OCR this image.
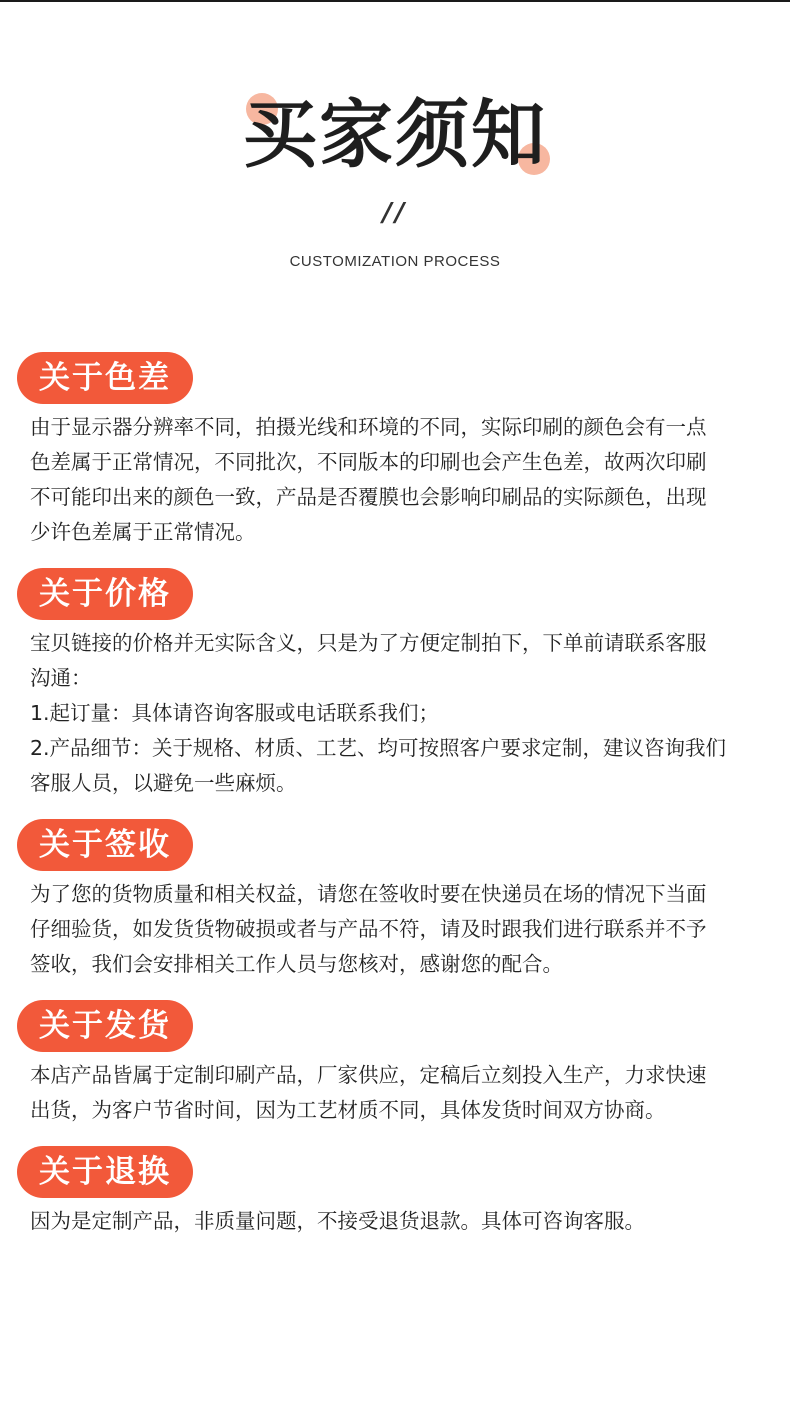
买家须知
//
CUSTOMIZATION PROCESS
关于色差

由于显示器分辨率不同，拍摄光线和环境的不同，实际印刷的颜色会有一点

色差属于正常情况，不同批次，不同版本的印刷也会产生色差，故两次印刷

不可能印出来的颜色一致，产品是否覆膜也会影响印刷品的实际颜色，出现

少许色差属于正常情况。

关于价格

宝贝链接的价格并无实际含义，只是为了方便定制拍下，下单前请联系客服

沟通：

1.起订量：具体请咨询客服或电话联系我们；

2.产品细节：关于规格、材质、工艺、均可按照客户要求定制，建议咨询我们

客服人员，以避免一些麻烦。

关于签收

为了您的货物质量和相关权益，请您在签收时要在快递员在场的情况下当面

仔细验货，如发货货物破损或者与产品不符，请及时跟我们进行联系并不予

签收，我们会安排相关工作人员与您核对，感谢您的配合。

关于发货

本店产品皆属于定制印刷产品，厂家供应，定稿后立刻投入生产，力求快速

出货，为客户节省时间，因为工艺材质不同，具体发货时间双方协商。

关于退换

因为是定制产品，非质量问题，不接受退货退款。具体可咨询客服。
